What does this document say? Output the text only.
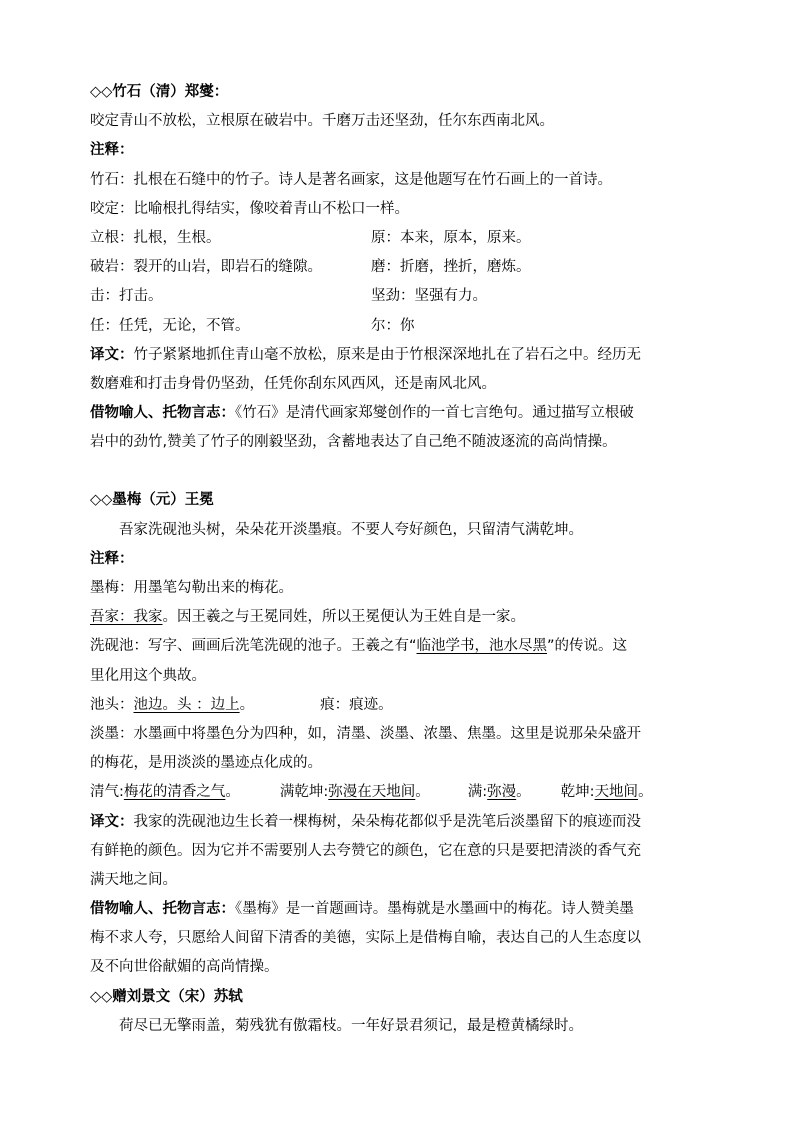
◇◇竹石（清）郑燮：
咬定青山不放松，立根原在破岩中。千磨万击还坚劲，任尔东西南北风。
注释：
竹石：扎根在石缝中的竹子。诗人是著名画家，这是他题写在竹石画上的一首诗。
咬定：比喻根扎得结实，像咬着青山不松口一样。
立根：扎根，生根。	原：本来，原本，原来。
破岩：裂开的山岩，即岩石的缝隙。	磨：折磨，挫折，磨炼。
击：打击。	坚劲：坚强有力。
任：任凭，无论，不管。	尔：你
译文：竹子紧紧地抓住青山毫不放松，原来是由于竹根深深地扎在了岩石之中。经历无
数磨难和打击身骨仍坚劲，任凭你刮东风西风，还是南风北风。
借物喻人、托物言志：《竹石》是清代画家郑燮创作的一首七言绝句。通过描写立根破
岩中的劲竹,赞美了竹子的刚毅坚劲，含蓄地表达了自己绝不随波逐流的高尚情操。
◇◇墨梅（元）王冕
吾家洗砚池头树，朵朵花开淡墨痕。不要人夸好颜色，只留清气满乾坤。
注释：
墨梅：用墨笔勾勒出来的梅花。
吾家：我家。因王羲之与王冕同姓，所以王冕便认为王姓自是一家。
洗砚池：写字、画画后洗笔洗砚的池子。王羲之有“临池学书，池水尽黑”的传说。这
里化用这个典故。
池头：池边。头 ：边上。	痕：痕迹。
淡墨：水墨画中将墨色分为四种，如，清墨、淡墨、浓墨、焦墨。这里是说那朵朵盛开
的梅花，是用淡淡的墨迹点化成的。
清气:梅花的清香之气。	满乾坤:弥漫在天地间。	满:弥漫。 乾坤:天地间。
译文：我家的洗砚池边生长着一棵梅树，朵朵梅花都似乎是洗笔后淡墨留下的痕迹而没
有鲜艳的颜色。因为它并不需要别人去夸赞它的颜色，它在意的只是要把清淡的香气充
满天地之间。
借物喻人、托物言志：《墨梅》是一首题画诗。墨梅就是水墨画中的梅花。诗人赞美墨
梅不求人夸，只愿给人间留下清香的美德，实际上是借梅自喻，表达自己的人生态度以
及不向世俗献媚的高尚情操。
◇◇赠刘景文（宋）苏轼
荷尽已无擎雨盖，菊残犹有傲霜枝。一年好景君须记，最是橙黄橘绿时。
